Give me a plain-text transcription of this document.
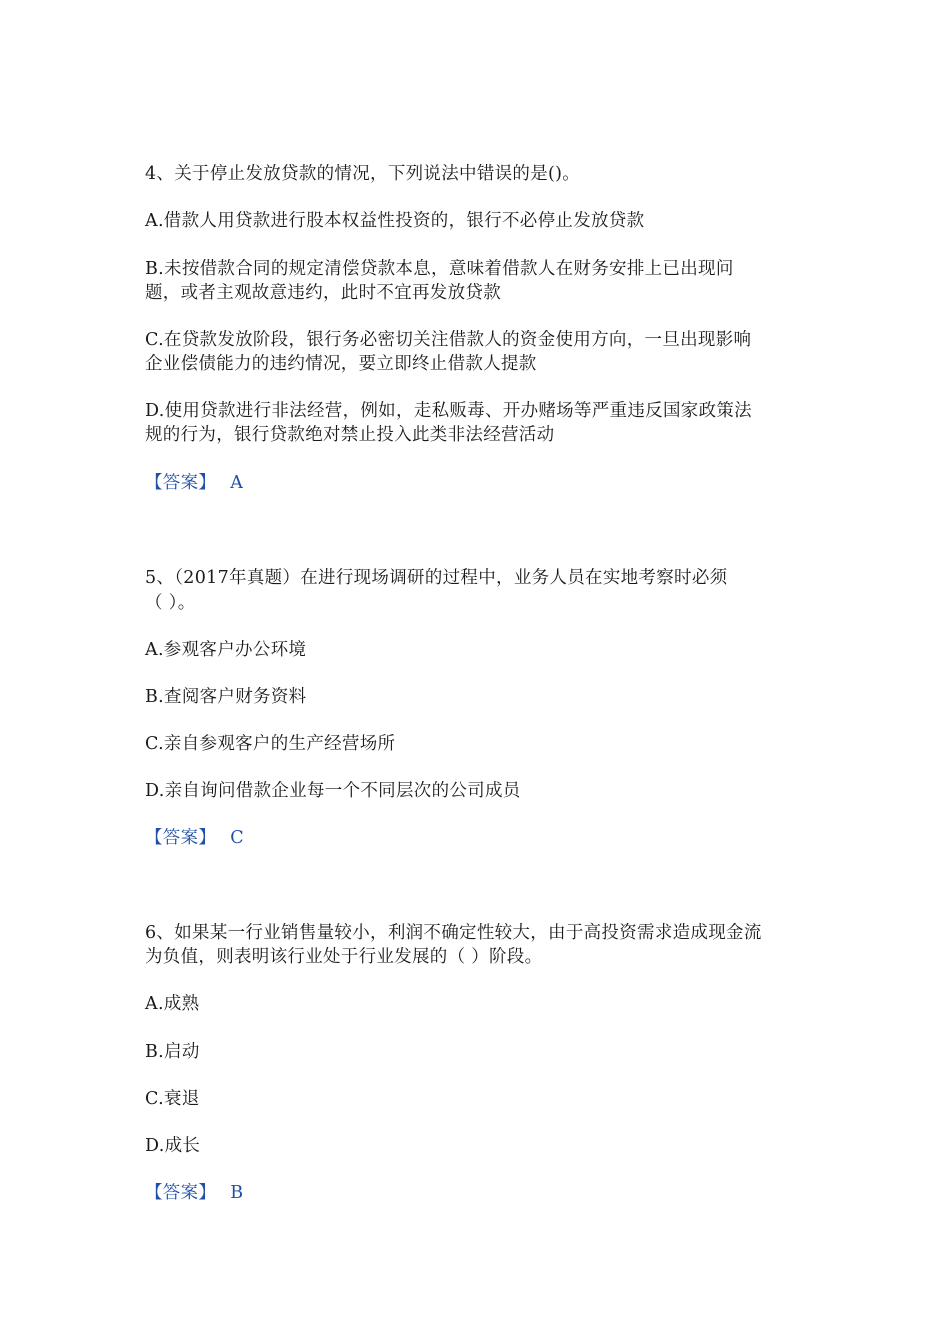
4、关于停止发放贷款的情况，下列说法中错误的是()。
A.借款人用贷款进行股本权益性投资的，银行不必停止发放贷款
B.未按借款合同的规定清偿贷款本息，意味着借款人在财务安排上已出现问
题，或者主观故意违约，此时不宜再发放贷款
C.在贷款发放阶段，银行务必密切关注借款人的资金使用方向，一旦出现影响
企业偿债能力的违约情况，要立即终止借款人提款
D.使用贷款进行非法经营，例如，走私贩毒、开办赌场等严重违反国家政策法
规的行为，银行贷款绝对禁止投入此类非法经营活动
【答案】 A
5、（2017年真题）在进行现场调研的过程中，业务人员在实地考察时必须
（ ）。
A.参观客户办公环境
B.查阅客户财务资料
C.亲自参观客户的生产经营场所
D.亲自询问借款企业每一个不同层次的公司成员
【答案】 C
6、如果某一行业销售量较小，利润不确定性较大，由于高投资需求造成现金流
为负值，则表明该行业处于行业发展的（ ）阶段。
A.成熟
B.启动
C.衰退
D.成长
【答案】 B
